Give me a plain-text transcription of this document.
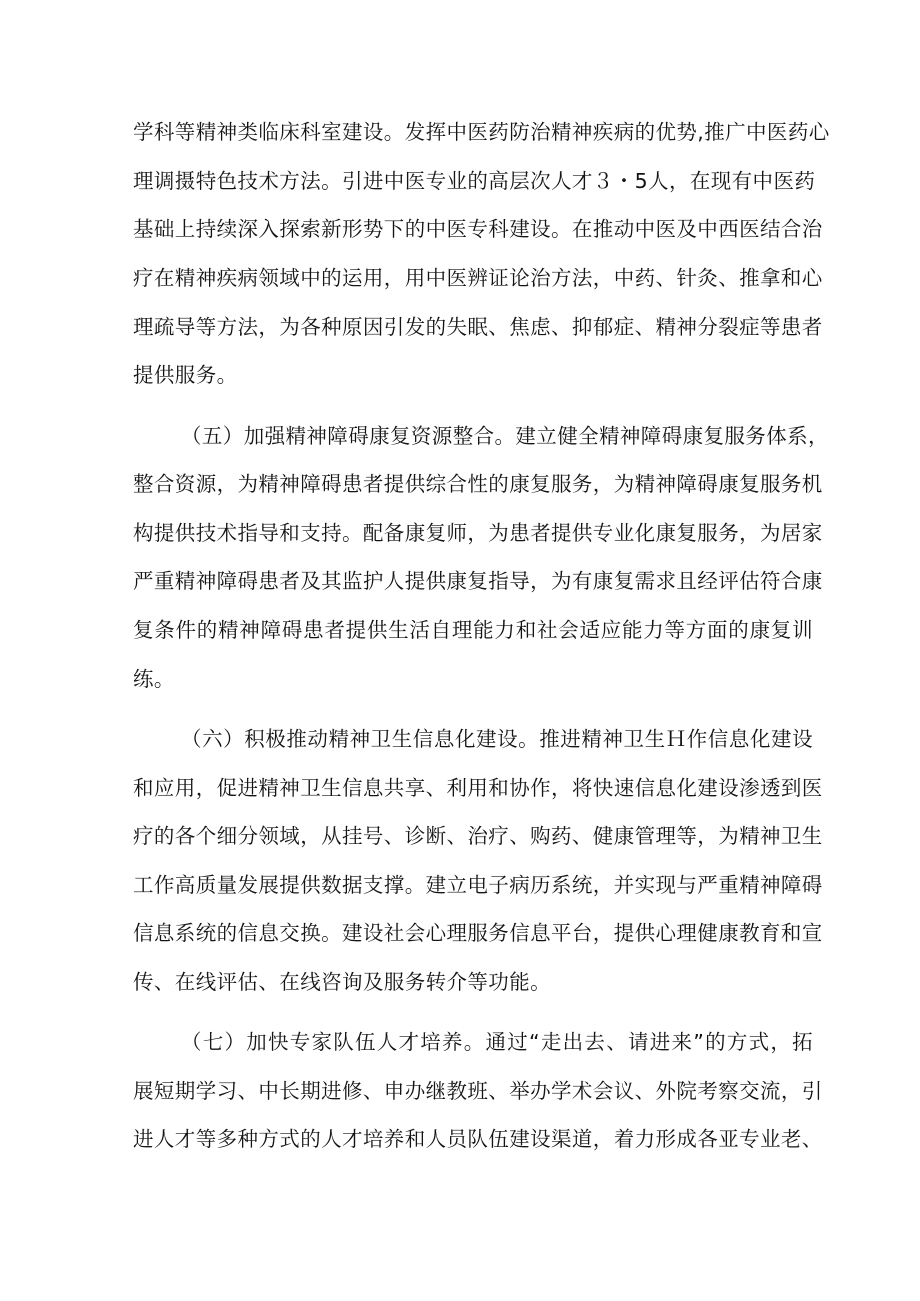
学科等精神类临床科室建设。发挥中医药防治精神疾病的优势,推广中医药心
理调摄特色技术方法。引进中医专业的高层次人才３・5人，在现有中医药
基础上持续深入探索新形势下的中医专科建设。在推动中医及中西医结合治
疗在精神疾病领域中的运用，用中医辨证论治方法，中药、针灸、推拿和心
理疏导等方法，为各种原因引发的失眠、焦虑、抑郁症、精神分裂症等患者
提供服务。
（五）加强精神障碍康复资源整合。建立健全精神障碍康复服务体系，
整合资源，为精神障碍患者提供综合性的康复服务，为精神障碍康复服务机
构提供技术指导和支持。配备康复师，为患者提供专业化康复服务，为居家
严重精神障碍患者及其监护人提供康复指导，为有康复需求且经评估符合康
复条件的精神障碍患者提供生活自理能力和社会适应能力等方面的康复训
练。
（六）积极推动精神卫生信息化建设。推进精神卫生Ｈ作信息化建设
和应用，促进精神卫生信息共享、利用和协作，将快速信息化建设渗透到医
疗的各个细分领域，从挂号、诊断、治疗、购药、健康管理等，为精神卫生
工作高质量发展提供数据支撑。建立电子病历系统，并实现与严重精神障碍
信息系统的信息交换。建设社会心理服务信息平台，提供心理健康教育和宣
传、在线评估、在线咨询及服务转介等功能。
（七）加快专家队伍人才培养。通过“走出去、请进来”的方式，拓
展短期学习、中长期进修、申办继教班、举办学术会议、外院考察交流，引
进人才等多种方式的人才培养和人员队伍建设渠道，着力形成各亚专业老、
